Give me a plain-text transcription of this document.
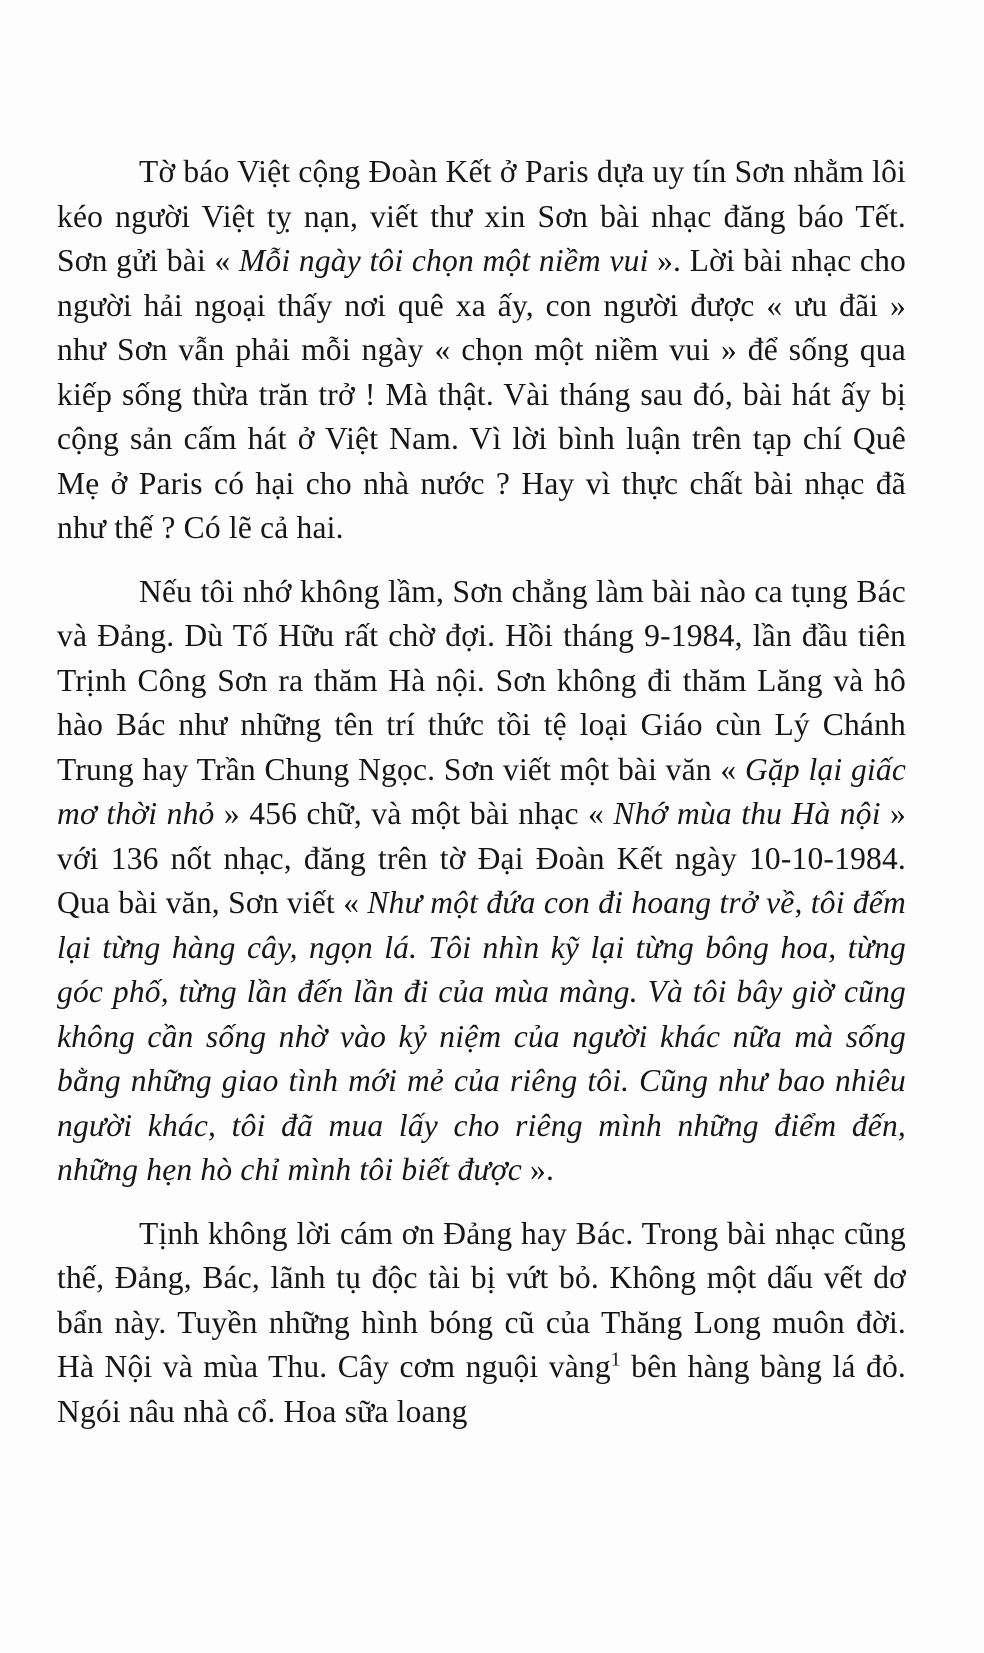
Tờ báo Việt cộng Đoàn Kết ở Paris dựa uy tín Sơn nhằm lôi kéo người Việt tỵ nạn, viết thư xin Sơn bài nhạc đăng báo Tết. Sơn gửi bài « Mỗi ngày tôi chọn một niềm vui ». Lời bài nhạc cho người hải ngoại thấy nơi quê xa ấy, con người được « ưu đãi » như Sơn vẫn phải mỗi ngày « chọn một niềm vui » để sống qua kiếp sống thừa trăn trở ! Mà thật. Vài tháng sau đó, bài hát ấy bị cộng sản cấm hát ở Việt Nam. Vì lời bình luận trên tạp chí Quê Mẹ ở Paris có hại cho nhà nước ? Hay vì thực chất bài nhạc đã như thế ? Có lẽ cả hai.

Nếu tôi nhớ không lầm, Sơn chẳng làm bài nào ca tụng Bác và Đảng. Dù Tố Hữu rất chờ đợi. Hồi tháng 9-1984, lần đầu tiên Trịnh Công Sơn ra thăm Hà nội. Sơn không đi thăm Lăng và hô hào Bác như những tên trí thức tồi tệ loại Giáo cùn Lý Chánh Trung hay Trần Chung Ngọc. Sơn viết một bài văn « Gặp lại giấc mơ thời nhỏ » 456 chữ, và một bài nhạc « Nhớ mùa thu Hà nội » với 136 nốt nhạc, đăng trên tờ Đại Đoàn Kết ngày 10-10-1984. Qua bài văn, Sơn viết « Như một đứa con đi hoang trở về, tôi đếm lại từng hàng cây, ngọn lá. Tôi nhìn kỹ lại từng bông hoa, từng góc phố, từng lần đến lần đi của mùa màng. Và tôi bây giờ cũng không cần sống nhờ vào kỷ niệm của người khác nữa mà sống bằng những giao tình mới mẻ của riêng tôi. Cũng như bao nhiêu người khác, tôi đã mua lấy cho riêng mình những điểm đến, những hẹn hò chỉ mình tôi biết được ».

Tịnh không lời cám ơn Đảng hay Bác. Trong bài nhạc cũng thế, Đảng, Bác, lãnh tụ độc tài bị vứt bỏ. Không một dấu vết dơ bẩn này. Tuyền những hình bóng cũ của Thăng Long muôn đời. Hà Nội và mùa Thu. Cây cơm nguội vàng$^1$ bên hàng bàng lá đỏ. Ngói nâu nhà cổ. Hoa sữa loang
